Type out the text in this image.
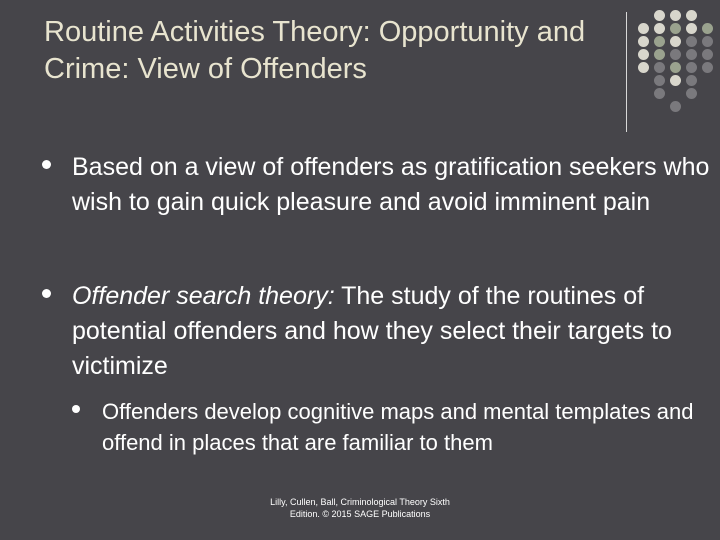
Routine Activities Theory: Opportunity and Crime: View of Offenders
Based on a view of offenders as gratification seekers who wish to gain quick pleasure and avoid imminent pain
Offender search theory: The study of the routines of potential offenders and how they select their targets to victimize
Offenders develop cognitive maps and mental templates and offend in places that are familiar to them
Lilly, Cullen, Ball, Criminological Theory Sixth
Edition. © 2015 SAGE Publications
